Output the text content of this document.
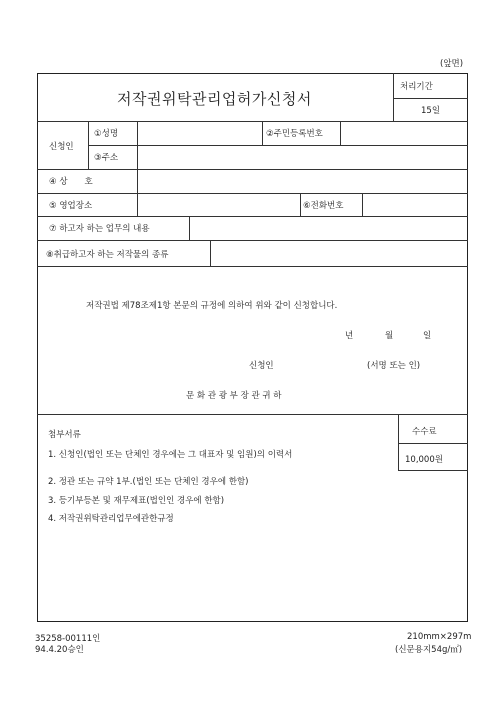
(앞면)
저작권위탁관리업허가신청서
처리기간
15일
신청인
①성명	②주민등록번호
③주소
④ 상　　호
⑤ 영업장소	⑥전화번호
⑦ 하고자 하는 업무의 내용
⑧취급하고자 하는 저작물의 종류
저작권법 제78조제1항 본문의 규정에 의하여 위와 같이 신청합니다.
년	월	일
신청인	(서명 또는 인)
문 화 관 광 부 장 관 귀 하
첨부서류
1. 신청인(법인 또는 단체인 경우에는 그 대표자 및 임원)의 이력서
2. 정관 또는 규약 1부.(법인 또는 단체인 경우에 한함)
3. 등기부등본 및 재무제표(법인인 경우에 한함)
4. 저작권위탁관리업무에관한규정
수수료
10,000원
35258-00111인
94.4.20승인
210mm×297m
(신문용지54g/㎡)
